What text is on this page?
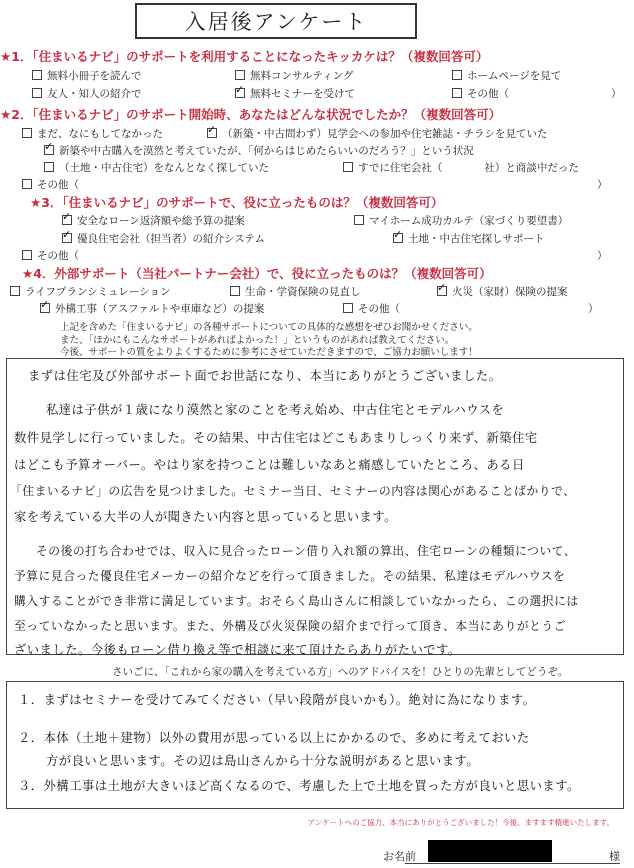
入居後アンケート
★1．「住まいるナビ」のサポートを利用することになったキッカケは？（複数回答可）
無料小冊子を読んで	無料コンサルティング	ホームページを見て
友人・知人の紹介で ✓	無料セミナーを受けて	その他（	）
★2．「住まいるナビ」のサポート開始時、あなたはどんな状況でしたか？（複数回答可）
まだ、なにもしてなかった ✓	（新築・中古問わず）見学会への参加や住宅雑誌・チラシを見ていた
✓新築や中古購入を漠然と考えていたが、「何からはじめたらいいのだろう？」という状況
（土地・中古住宅）をなんとなく探していた	すでに住宅会社（　　　　社）と商談中だった
その他（	）
★3．「住まいるナビ」のサポートで、役に立ったものは？（複数回答可）
✓安全なローン返済額や総予算の提案	マイホーム成功カルテ（家づくり要望書）
✓優良住宅会社（担当者）の紹介システム ✓	土地・中古住宅探しサポート
その他（	）
★4．外部サポート（当社パートナー会社）で、役に立ったものは？（複数回答可）
ライフプランシミュレーション	生命・学資保険の見直し ✓	火災（家財）保険の提案
✓外構工事（アスファルトや車庫など）の提案	その他（	）
上記を含めた「住まいるナビ」の各種サポートについての具体的な感想をぜひお聞かせください。
また、「ほかにもこんなサポートがあればよかった！」というものがあれば教えてください。
今後、サポートの質をよりよくするために参考にさせていただきますので、ご協力お願いします！
まずは住宅及び外部サポート面でお世話になり、本当にありがとうございました。
私達は子供が１歳になり漠然と家のことを考え始め、中古住宅とモデルハウスを
数件見学しに行っていました。その結果、中古住宅はどこもあまりしっくり来ず、新築住宅
はどこも予算オーバー。やはり家を持つことは難しいなあと痛感していたところ、ある日
「住まいるナビ」の広告を見つけました。セミナー当日、セミナーの内容は関心があることばかりで、
家を考えている大半の人が聞きたい内容と思っていると思います。
その後の打ち合わせでは、収入に見合ったローン借り入れ額の算出、住宅ローンの種類について、
予算に見合った優良住宅メーカーの紹介などを行って頂きました。その結果、私達はモデルハウスを
購入することができ非常に満足しています。おそらく島山さんに相談していなかったら、この選択には
至っていなかったと思います。また、外構及び火災保険の紹介まで行って頂き、本当にありがとうご
ざいました。今後もローン借り換え等で相談に来て頂けたらありがたいです。
さいごに、「これから家の購入を考えている方」へのアドバイスを！ひとりの先輩としてどうぞ。
１．まずはセミナーを受けてみてください（早い段階が良いかも）。絶対に為になります。
２．本体（土地＋建物）以外の費用が思っている以上にかかるので、多めに考えておいた
方が良いと思います。その辺は島山さんから十分な説明があると思います。
３．外構工事は土地が大きいほど高くなるので、考慮した上で土地を買った方が良いと思います。
アンケートへのご協力、本当にありがとうございました！今後、ますます精進いたします。
お名前	様
